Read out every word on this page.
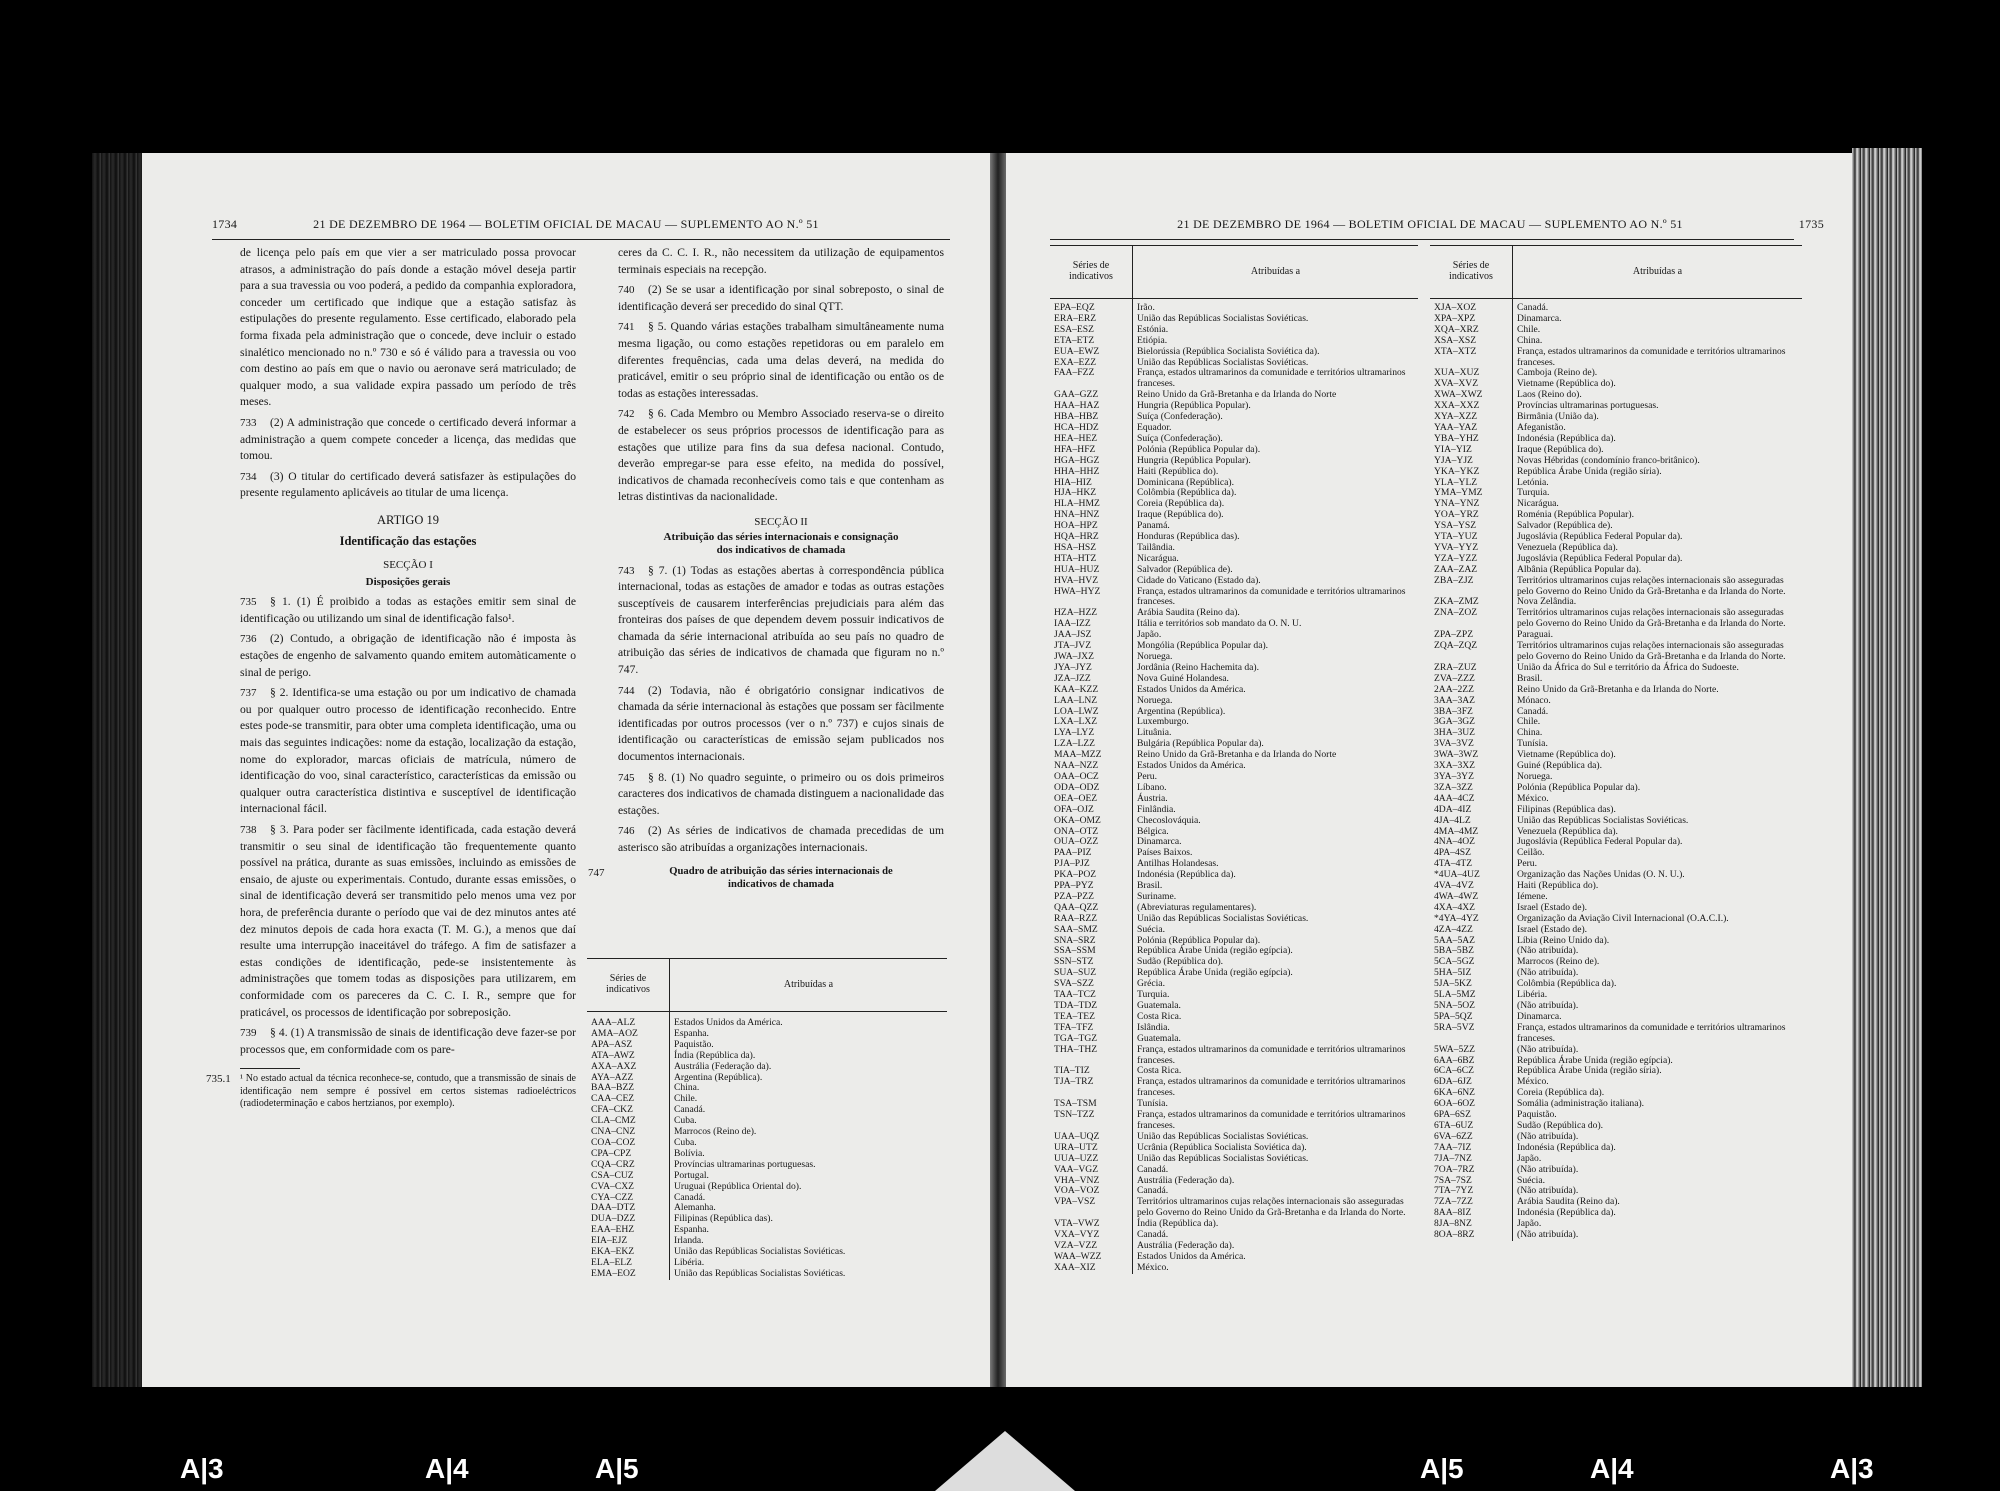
1734	21 DE DEZEMBRO DE 1964 — BOLETIM OFICIAL DE MACAU — SUPLEMENTO AO N.º 51
de licença pelo país em que vier a ser matriculado possa provocar atrasos, a administração do país donde a estação móvel deseja partir para a sua travessia ou voo poderá, a pedido da companhia exploradora, conceder um certificado que indique que a estação satisfaz às estipulações do presente regulamento. Esse certificado, elaborado pela forma fixada pela administração que o concede, deve incluir o estado sinalético mencionado no n.º 730 e só é válido para a travessia ou voo com destino ao país em que o navio ou aeronave será matriculado; de qualquer modo, a sua validade expira passado um período de três meses.
733 (2) A administração que concede o certificado deverá informar a administração a quem compete conceder a licença, das medidas que tomou.
734 (3) O titular do certificado deverá satisfazer às estipulações do presente regulamento aplicáveis ao titular de uma licença.
ARTIGO 19
Identificação das estações
SECÇÃO I
Disposições gerais
735 § 1. (1) É proibido a todas as estações emitir sem sinal de identificação ou utilizando um sinal de identificação falso¹.
736 (2) Contudo, a obrigação de identificação não é imposta às estações de engenho de salvamento quando emitem automàticamente o sinal de perigo.
737 § 2. Identifica-se uma estação ou por um indicativo de chamada ou por qualquer outro processo de identificação reconhecido. Entre estes pode-se transmitir, para obter uma completa identificação, uma ou mais das seguintes indicações: nome da estação, localização da estação, nome do explorador, marcas oficiais de matrícula, número de identificação do voo, sinal característico, características da emissão ou qualquer outra característica distintiva e susceptível de identificação internacional fácil.
738 § 3. Para poder ser fàcilmente identificada, cada estação deverá transmitir o seu sinal de identificação tão frequentemente quanto possível na prática, durante as suas emissões, incluindo as emissões de ensaio, de ajuste ou experimentais. Contudo, durante essas emissões, o sinal de identificação deverá ser transmitido pelo menos uma vez por hora, de preferência durante o período que vai de dez minutos antes até dez minutos depois de cada hora exacta (T. M. G.), a menos que daí resulte uma interrupção inaceitável do tráfego. A fim de satisfazer a estas condições de identificação, pede-se insistentemente às administrações que tomem todas as disposições para utilizarem, em conformidade com os pareceres da C. C. I. R., sempre que for praticável, os processos de identificação por sobreposição.
739 § 4. (1) A transmissão de sinais de identificação deve fazer-se por processos que, em conformidade com os pare-
735.1 ¹ No estado actual da técnica reconhece-se, contudo, que a transmissão de sinais de identificação nem sempre é possível em certos sistemas radioeléctricos (radiodeterminação e cabos hertzianos, por exemplo).
ceres da C. C. I. R., não necessitem da utilização de equipamentos terminais especiais na recepção.
740 (2) Se se usar a identificação por sinal sobreposto, o sinal de identificação deverá ser precedido do sinal QTT.
741 § 5. Quando várias estações trabalham simultâneamente numa mesma ligação, ou como estações repetidoras ou em paralelo em diferentes frequências, cada uma delas deverá, na medida do praticável, emitir o seu próprio sinal de identificação ou então os de todas as estações interessadas.
742 § 6. Cada Membro ou Membro Associado reserva-se o direito de estabelecer os seus próprios processos de identificação para as estações que utilize para fins da sua defesa nacional. Contudo, deverão empregar-se para esse efeito, na medida do possível, indicativos de chamada reconhecíveis como tais e que contenham as letras distintivas da nacionalidade.
SECÇÃO II
Atribuição das séries internacionais e consignação dos indicativos de chamada
743 § 7. (1) Todas as estações abertas à correspondência pública internacional, todas as estações de amador e todas as outras estações susceptíveis de causarem interferências prejudiciais para além das fronteiras dos países de que dependem devem possuir indicativos de chamada da série internacional atribuída ao seu país no quadro de atribuição das séries de indicativos de chamada que figuram no n.º 747.
744 (2) Todavia, não é obrigatório consignar indicativos de chamada da série internacional às estações que possam ser fàcilmente identificadas por outros processos (ver o n.º 737) e cujos sinais de identificação ou características de emissão sejam publicados nos documentos internacionais.
745 § 8. (1) No quadro seguinte, o primeiro ou os dois primeiros caracteres dos indicativos de chamada distinguem a nacionalidade das estações.
746 (2) As séries de indicativos de chamada precedidas de um asterisco são atribuídas a organizações internacionais.
747	Quadro de atribuição das séries internacionais de indicativos de chamada
Séries de indicativos	Atribuídas a

AAA–ALZ	Estados Unidos da América.
AMA–AOZ	Espanha.
APA–ASZ	Paquistão.
ATA–AWZ	Índia (República da).
AXA–AXZ	Austrália (Federação da).
AYA–AZZ	Argentina (República).
BAA–BZZ	China.
CAA–CEZ	Chile.
CFA–CKZ	Canadá.
CLA–CMZ	Cuba.
CNA–CNZ	Marrocos (Reino de).
COA–COZ	Cuba.
CPA–CPZ	Bolívia.
CQA–CRZ	Províncias ultramarinas portuguesas.
CSA–CUZ	Portugal.
CVA–CXZ	Uruguai (República Oriental do).
CYA–CZZ	Canadá.
DAA–DTZ	Alemanha.
DUA–DZZ	Filipinas (República das).
EAA–EHZ	Espanha.
EIA–EJZ	Irlanda.
EKA–EKZ	União das Repúblicas Socialistas Soviéticas.
ELA–ELZ	Libéria.
EMA–EOZ	União das Repúblicas Socialistas Soviéticas.
21 DE DEZEMBRO DE 1964 — BOLETIM OFICIAL DE MACAU — SUPLEMENTO AO N.º 51	1735
Séries de indicativos	Atribuídas a

EPA–EQZ	Irão.
ERA–ERZ	União das Repúblicas Socialistas Soviéticas.
ESA–ESZ	Estónia.
ETA–ETZ	Etiópia.
EUA–EWZ	Bielorússia (República Socialista Soviética da).
EXA–EZZ	União das Repúblicas Socialistas Soviéticas.
FAA–FZZ	França, estados ultramarinos da comunidade e territórios ultramarinos franceses.
GAA–GZZ	Reino Unido da Grã-Bretanha e da Irlanda do Norte
HAA–HAZ	Hungria (República Popular).
HBA–HBZ	Suíça (Confederação).
HCA–HDZ	Equador.
HEA–HEZ	Suíça (Confederação).
HFA–HFZ	Polónia (República Popular da).
HGA–HGZ	Hungria (República Popular).
HHA–HHZ	Haiti (República do).
HIA–HIZ	Dominicana (República).
HJA–HKZ	Colômbia (República da).
HLA–HMZ	Coreia (República da).
HNA–HNZ	Iraque (República do).
HOA–HPZ	Panamá.
HQA–HRZ	Honduras (República das).
HSA–HSZ	Tailândia.
HTA–HTZ	Nicarágua.
HUA–HUZ	Salvador (República de).
HVA–HVZ	Cidade do Vaticano (Estado da).
HWA–HYZ	França, estados ultramarinos da comunidade e territórios ultramarinos franceses.
HZA–HZZ	Arábia Saudita (Reino da).
IAA–IZZ	Itália e territórios sob mandato da O. N. U.
JAA–JSZ	Japão.
JTA–JVZ	Mongólia (República Popular da).
JWA–JXZ	Noruega.
JYA–JYZ	Jordânia (Reino Hachemita da).
JZA–JZZ	Nova Guiné Holandesa.
KAA–KZZ	Estados Unidos da América.
LAA–LNZ	Noruega.
LOA–LWZ	Argentina (República).
LXA–LXZ	Luxemburgo.
LYA–LYZ	Lituânia.
LZA–LZZ	Bulgária (República Popular da).
MAA–MZZ	Reino Unido da Grã-Bretanha e da Irlanda do Norte
NAA–NZZ	Estados Unidos da América.
OAA–OCZ	Peru.
ODA–ODZ	Líbano.
OEA–OEZ	Áustria.
OFA–OJZ	Finlândia.
OKA–OMZ	Checoslováquia.
ONA–OTZ	Bélgica.
OUA–OZZ	Dinamarca.
PAA–PIZ	Países Baixos.
PJA–PJZ	Antilhas Holandesas.
PKA–POZ	Indonésia (República da).
PPA–PYZ	Brasil.
PZA–PZZ	Suriname.
QAA–QZZ	(Abreviaturas regulamentares).
RAA–RZZ	União das Repúblicas Socialistas Soviéticas.
SAA–SMZ	Suécia.
SNA–SRZ	Polónia (República Popular da).
SSA–SSM	República Árabe Unida (região egípcia).
SSN–STZ	Sudão (República do).
SUA–SUZ	República Árabe Unida (região egípcia).
SVA–SZZ	Grécia.
TAA–TCZ	Turquia.
TDA–TDZ	Guatemala.
TEA–TEZ	Costa Rica.
TFA–TFZ	Islândia.
TGA–TGZ	Guatemala.
THA–THZ	França, estados ultramarinos da comunidade e territórios ultramarinos franceses.
TIA–TIZ	Costa Rica.
TJA–TRZ	França, estados ultramarinos da comunidade e territórios ultramarinos franceses.
TSA–TSM	Tunísia.
TSN–TZZ	França, estados ultramarinos da comunidade e territórios ultramarinos franceses.
UAA–UQZ	União das Repúblicas Socialistas Soviéticas.
URA–UTZ	Ucrânia (República Socialista Soviética da).
UUA–UZZ	União das Repúblicas Socialistas Soviéticas.
VAA–VGZ	Canadá.
VHA–VNZ	Austrália (Federação da).
VOA–VOZ	Canadá.
VPA–VSZ	Territórios ultramarinos cujas relações internacionais são asseguradas pelo Governo do Reino Unido da Grã-Bretanha e da Irlanda do Norte.
VTA–VWZ	Índia (República da).
VXA–VYZ	Canadá.
VZA–VZZ	Austrália (Federação da).
WAA–WZZ	Estados Unidos da América.
XAA–XIZ	México.
Séries de indicativos	Atribuídas a

XJA–XOZ	Canadá.
XPA–XPZ	Dinamarca.
XQA–XRZ	Chile.
XSA–XSZ	China.
XTA–XTZ	França, estados ultramarinos da comunidade e territórios ultramarinos franceses.
XUA–XUZ	Camboja (Reino de).
XVA–XVZ	Vietname (República do).
XWA–XWZ	Laos (Reino do).
XXA–XXZ	Províncias ultramarinas portuguesas.
XYA–XZZ	Birmânia (União da).
YAA–YAZ	Afeganistão.
YBA–YHZ	Indonésia (República da).
YIA–YIZ	Iraque (República do).
YJA–YJZ	Novas Hébridas (condomínio franco-britânico).
YKA–YKZ	República Árabe Unida (região síria).
YLA–YLZ	Letónia.
YMA–YMZ	Turquia.
YNA–YNZ	Nicarágua.
YOA–YRZ	Roménia (República Popular).
YSA–YSZ	Salvador (República de).
YTA–YUZ	Jugoslávia (República Federal Popular da).
YVA–YYZ	Venezuela (República da).
YZA–YZZ	Jugoslávia (República Federal Popular da).
ZAA–ZAZ	Albânia (República Popular da).
ZBA–ZJZ	Territórios ultramarinos cujas relações internacionais são asseguradas pelo Governo do Reino Unido da Grã-Bretanha e da Irlanda do Norte.
ZKA–ZMZ	Nova Zelândia.
ZNA–ZOZ	Territórios ultramarinos cujas relações internacionais são asseguradas pelo Governo do Reino Unido da Grã-Bretanha e da Irlanda do Norte.
ZPA–ZPZ	Paraguai.
ZQA–ZQZ	Territórios ultramarinos cujas relações internacionais são asseguradas pelo Governo do Reino Unido da Grã-Bretanha e da Irlanda do Norte.
ZRA–ZUZ	União da África do Sul e território da África do Sudoeste.
ZVA–ZZZ	Brasil.
2AA–2ZZ	Reino Unido da Grã-Bretanha e da Irlanda do Norte.
3AA–3AZ	Mónaco.
3BA–3FZ	Canadá.
3GA–3GZ	Chile.
3HA–3UZ	China.
3VA–3VZ	Tunísia.
3WA–3WZ	Vietname (República do).
3XA–3XZ	Guiné (República da).
3YA–3YZ	Noruega.
3ZA–3ZZ	Polónia (República Popular da).
4AA–4CZ	México.
4DA–4IZ	Filipinas (República das).
4JA–4LZ	União das Repúblicas Socialistas Soviéticas.
4MA–4MZ	Venezuela (República da).
4NA–4OZ	Jugoslávia (República Federal Popular da).
4PA–4SZ	Ceilão.
4TA–4TZ	Peru.
*4UA–4UZ	Organização das Nações Unidas (O. N. U.).
4VA–4VZ	Haiti (República do).
4WA–4WZ	Iémene.
4XA–4XZ	Israel (Estado de).
*4YA–4YZ	Organização da Aviação Civil Internacional (O.A.C.I.).
4ZA–4ZZ	Israel (Estado de).
5AA–5AZ	Líbia (Reino Unido da).
5BA–5BZ	(Não atribuída).
5CA–5GZ	Marrocos (Reino de).
5HA–5IZ	(Não atribuída).
5JA–5KZ	Colômbia (República da).
5LA–5MZ	Libéria.
5NA–5OZ	(Não atribuída).
5PA–5QZ	Dinamarca.
5RA–5VZ	França, estados ultramarinos da comunidade e territórios ultramarinos franceses.
5WA–5ZZ	(Não atribuída).
6AA–6BZ	República Árabe Unida (região egípcia).
6CA–6CZ	República Árabe Unida (região síria).
6DA–6JZ	México.
6KA–6NZ	Coreia (República da).
6OA–6OZ	Somália (administração italiana).
6PA–6SZ	Paquistão.
6TA–6UZ	Sudão (República do).
6VA–6ZZ	(Não atribuída).
7AA–7IZ	Indonésia (República da).
7JA–7NZ	Japão.
7OA–7RZ	(Não atribuída).
7SA–7SZ	Suécia.
7TA–7YZ	(Não atribuída).
7ZA–7ZZ	Arábia Saudita (Reino da).
8AA–8IZ	Indonésia (República da).
8JA–8NZ	Japão.
8OA–8RZ	(Não atribuída).
A|3	A|4	A|5	A|5	A|4	A|3
